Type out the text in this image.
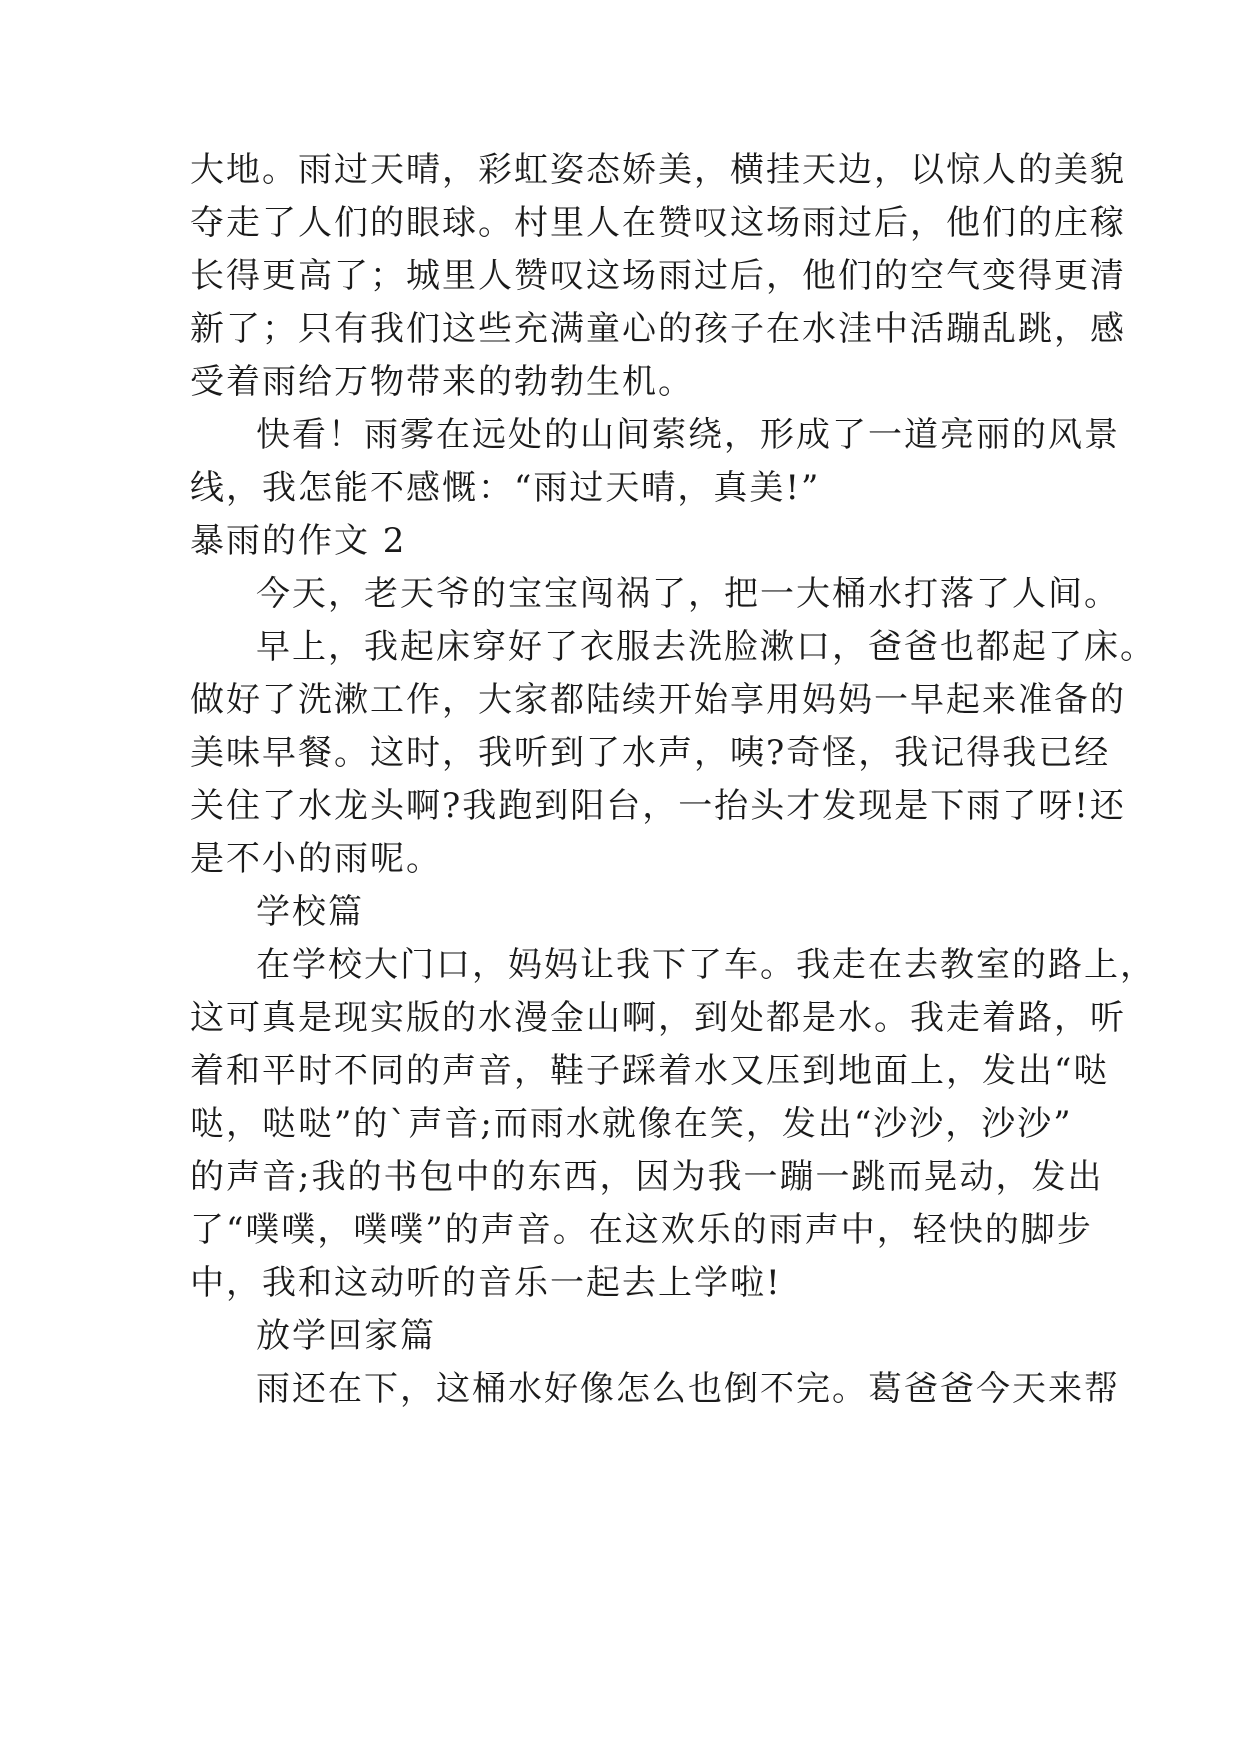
大地。雨过天晴，彩虹姿态娇美，横挂天边，以惊人的美貌
夺走了人们的眼球。村里人在赞叹这场雨过后，他们的庄稼
长得更高了；城里人赞叹这场雨过后，他们的空气变得更清
新了；只有我们这些充满童心的孩子在水洼中活蹦乱跳，感
受着雨给万物带来的勃勃生机。
快看！雨雾在远处的山间萦绕，形成了一道亮丽的风景
线，我怎能不感慨：“雨过天晴，真美!”
暴雨的作文 2
今天，老天爷的宝宝闯祸了，把一大桶水打落了人间。
早上，我起床穿好了衣服去洗脸漱口，爸爸也都起了床。
做好了洗漱工作，大家都陆续开始享用妈妈一早起来准备的
美味早餐。这时，我听到了水声，咦?奇怪，我记得我已经
关住了水龙头啊?我跑到阳台，一抬头才发现是下雨了呀!还
是不小的雨呢。
学校篇
在学校大门口，妈妈让我下了车。我走在去教室的路上，
这可真是现实版的水漫金山啊，到处都是水。我走着路，听
着和平时不同的声音，鞋子踩着水又压到地面上，发出“哒
哒，哒哒”的`声音;而雨水就像在笑，发出“沙沙，沙沙”
的声音;我的书包中的东西，因为我一蹦一跳而晃动，发出
了“噗噗，噗噗”的声音。在这欢乐的雨声中，轻快的脚步
中，我和这动听的音乐一起去上学啦!
放学回家篇
雨还在下，这桶水好像怎么也倒不完。葛爸爸今天来帮
